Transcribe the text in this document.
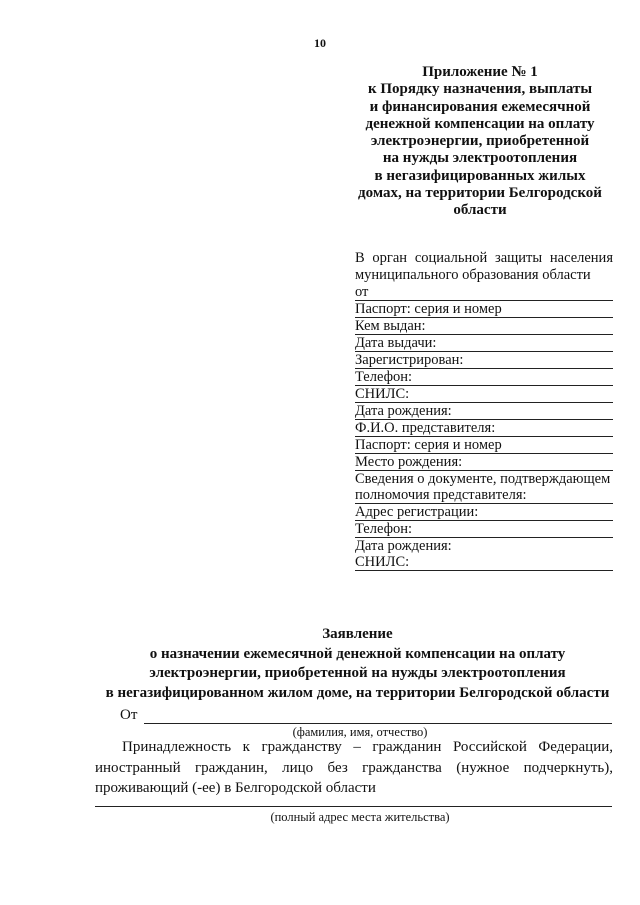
10
Приложение № 1
к Порядку назначения, выплаты
и финансирования ежемесячной
денежной компенсации на оплату
электроэнергии, приобретенной
на нужды электроотопления
в негазифицированных жилых
домах, на территории Белгородской
области
В орган социальной защиты населения
муниципального образования области
от
Паспорт: серия и номер
Кем выдан:
Дата выдачи:
Зарегистрирован:
Телефон:
СНИЛС:
Дата рождения:
Ф.И.О. представителя:
Паспорт: серия и номер
Место рождения:
Сведения о документе, подтверждающем полномочия представителя:
Адрес регистрации:
Телефон:
Дата рождения:
СНИЛС:
Заявление
о назначении ежемесячной денежной компенсации на оплату
электроэнергии, приобретенной на нужды электроотопления
в негазифицированном жилом доме, на территории Белгородской области
От
(фамилия, имя, отчество)
Принадлежность к гражданству – гражданин Российской Федерации, иностранный гражданин, лицо без гражданства (нужное подчеркнуть), проживающий (-ее) в Белгородской области
(полный адрес места жительства)
